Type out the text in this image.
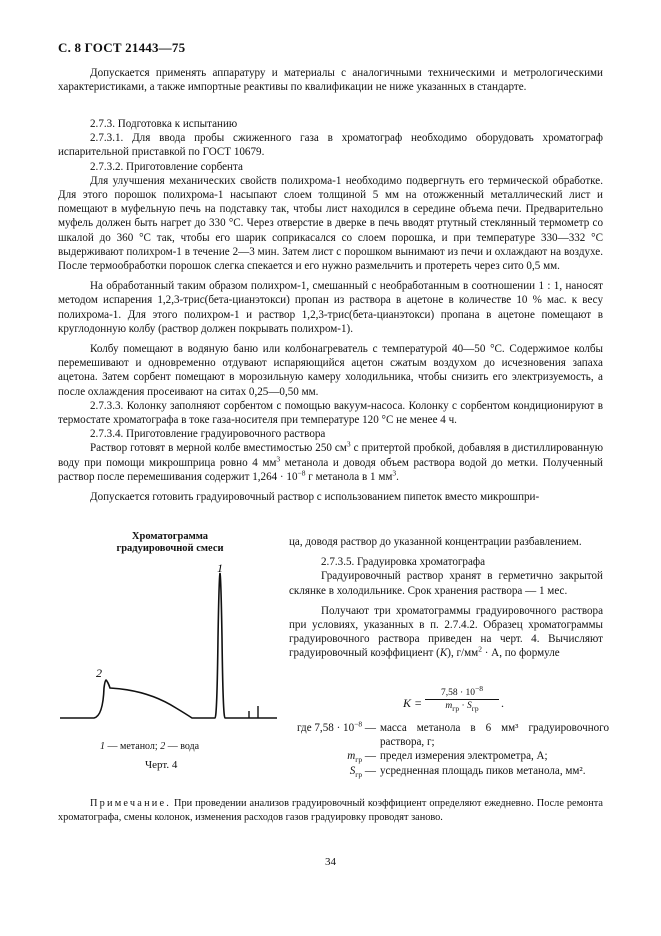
С. 8 ГОСТ 21443—75

Допускается применять аппаратуру и материалы с аналогичными техническими и метрологическими характеристиками, а также импортные реактивы по квалификации не ниже указанных в стандарте.

2.7.3. Подготовка к испытанию

2.7.3.1. Для ввода пробы сжиженного газа в хроматограф необходимо оборудовать хроматограф испарительной приставкой по ГОСТ 10679.

2.7.3.2. Приготовление сорбента

Для улучшения механических свойств полихрома-1 необходимо подвергнуть его термической обработке. Для этого порошок полихрома-1 насыпают слоем толщиной 5 мм на отожженный металлический лист и помещают в муфельную печь на подставку так, чтобы лист находился в середине объема печи. Предварительно муфель должен быть нагрет до 330 °С. Через отверстие в дверке в печь вводят ртутный стеклянный термометр со шкалой до 360 °С так, чтобы его шарик соприкасался со слоем порошка, и при температуре 330—332 °С выдерживают полихром-1 в течение 2—3 мин. Затем лист с порошком вынимают из печи и охлаждают на воздухе. После термообработки порошок слегка спекается и его нужно размельчить и протереть через сито 0,5 мм.

На обработанный таким образом полихром-1, смешанный с необработанным в соотношении 1 : 1, наносят методом испарения 1,2,3-трис(бета-цианэтокси) пропан из раствора в ацетоне в количестве 10 % мас. к весу полихрома-1. Для этого полихром-1 и раствор 1,2,3-трис(бета-цианэтокси) пропана в ацетоне помещают в круглодонную колбу (раствор должен покрывать полихром-1).

Колбу помещают в водяную баню или колбонагреватель с температурой 40—50 °С. Содержимое колбы перемешивают и одновременно отдувают испаряющийся ацетон сжатым воздухом до исчезновения запаха ацетона. Затем сорбент помещают в морозильную камеру холодильника, чтобы снизить его электризуемость, а после охлаждения просеивают на ситах 0,25—0,50 мм.

2.7.3.3. Колонку заполняют сорбентом с помощью вакуум-насоса. Колонку с сорбентом кондиционируют в термостате хроматографа в токе газа-носителя при температуре 120 °С не менее 4 ч.

2.7.3.4. Приготовление градуировочного раствора

Раствор готовят в мерной колбе вместимостью 250 $см^3$ с притертой пробкой, добавляя в дистиллированную воду при помощи микрошприца ровно 4 $мм^3$ метанола и доводя объем раствора водой до метки. Полученный раствор после перемешивания содержит $1,264 \cdot 10^{-8}$ г метанола в 1 $мм^3$.

Допускается готовить градуировочный раствор с использованием пипеток вместо микрошпри-

Хроматограмма
градуировочной смеси
1
2
1 — метанол; 2 — вода
Черт. 4

ца, доводя раствор до указанной концентрации разбавлением.

2.7.3.5. Градуировка хроматографа

Градуировочный раствор хранят в герметично закрытой склянке в холодильнике. Срок хранения раствора — 1 мес.

Получают три хроматограммы градуировочного раствора при условиях, указанных в п. 2.7.4.2. Образец хроматограммы градуировочного раствора приведен на черт. 4. Вычисляют градуировочный коэффициент (K), $г/мм^2 \cdot А$, по формуле

K =
$7,58 \cdot 10^{-8}$
$m_{гр} \cdot S_{гр}$	.
где $7,58 \cdot 10^{-8}$ — масса метанола в 6 мм³ градуировочного раствора, г;
$m_{гр}$ — предел измерения электрометра, А;
$S_{гр}$ — усредненная площадь пиков метанола, мм².
Примечание. При проведении анализов градуировочный коэффициент определяют ежедневно. После ремонта хроматографа, смены колонок, изменения расходов газов градуировку проводят заново.
34
